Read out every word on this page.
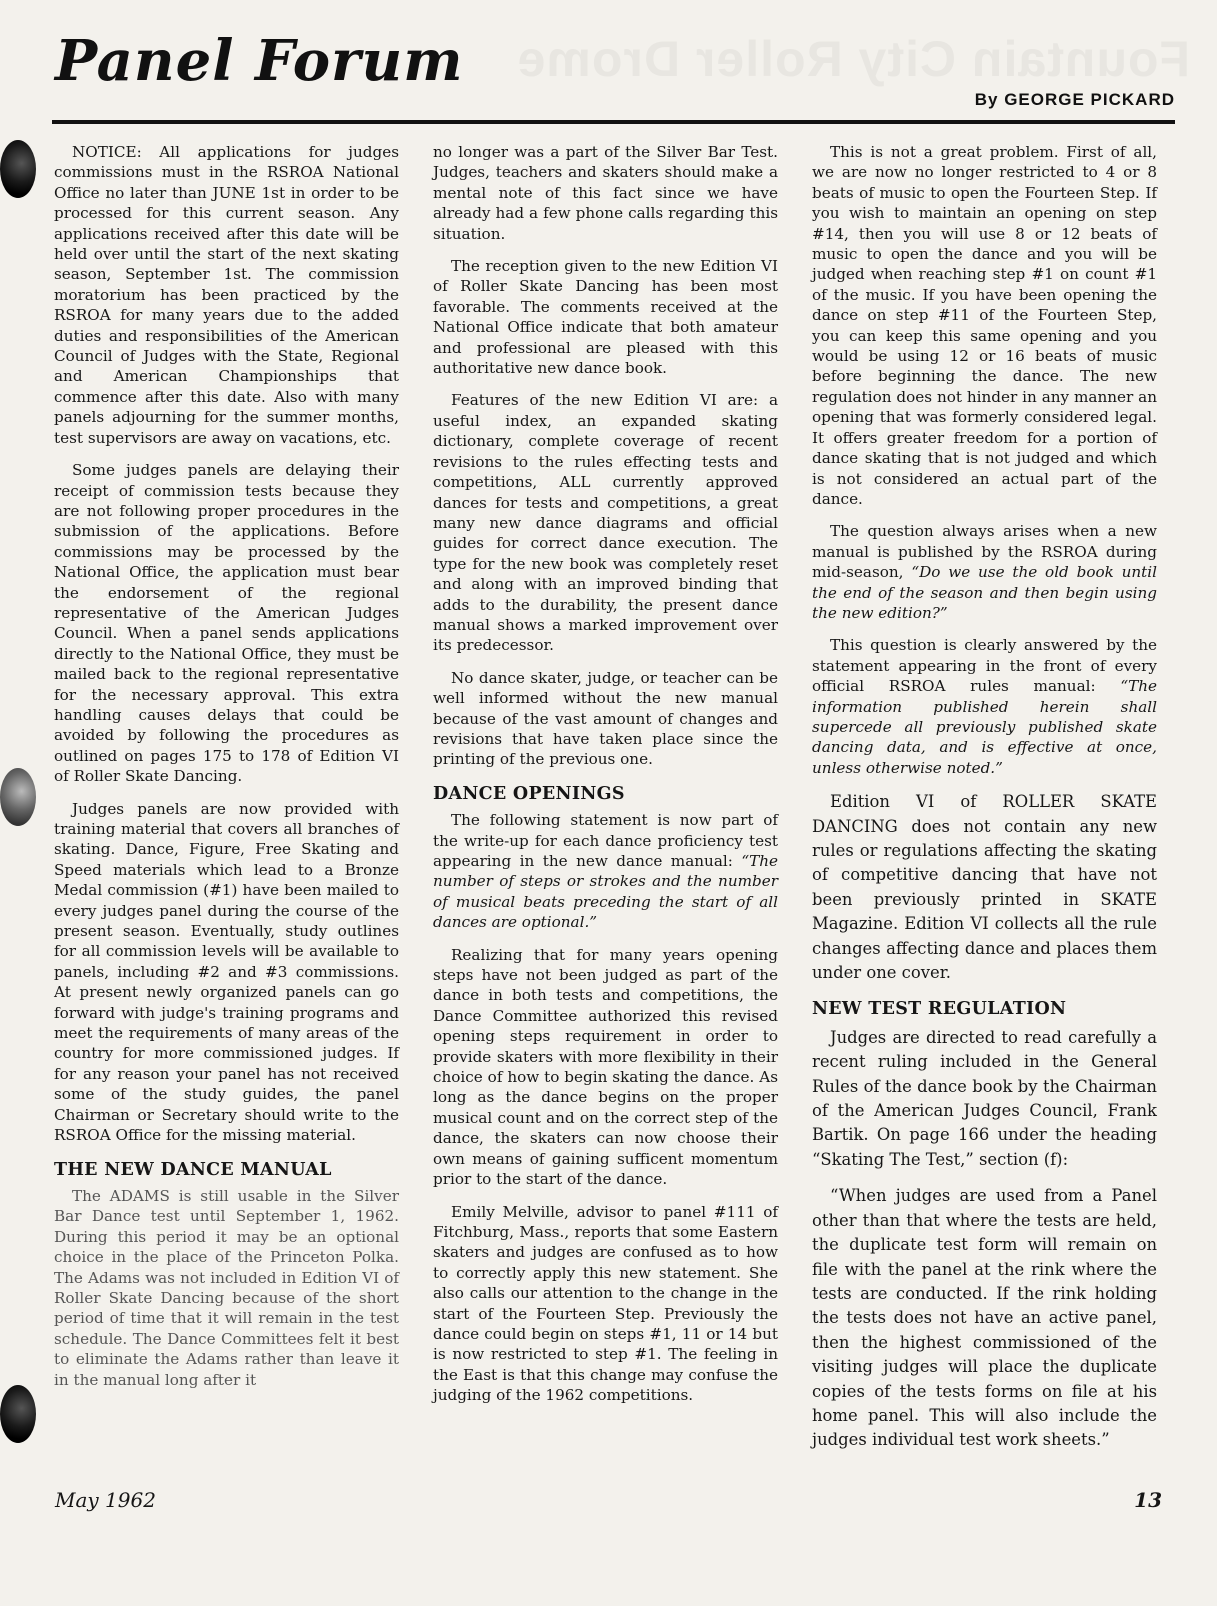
Fountain City Roller Drome
Panel Forum
By GEORGE PICKARD

NOTICE: All applications for judges commissions must in the RSROA National Office no later than JUNE 1st in order to be processed for this current season. Any applications received after this date will be held over until the start of the next skating season, September 1st. The commission moratorium has been practiced by the RSROA for many years due to the added duties and responsibilities of the American Council of Judges with the State, Regional and American Championships that commence after this date. Also with many panels adjourning for the summer months, test supervisors are away on vacations, etc.

Some judges panels are delaying their receipt of commission tests because they are not following proper procedures in the submission of the applications. Before commissions may be processed by the National Office, the application must bear the endorsement of the regional representative of the American Judges Council. When a panel sends applications directly to the National Office, they must be mailed back to the regional representative for the necessary approval. This extra handling causes delays that could be avoided by following the procedures as outlined on pages 175 to 178 of Edition VI of Roller Skate Dancing.

Judges panels are now provided with training material that covers all branches of skating. Dance, Figure, Free Skating and Speed materials which lead to a Bronze Medal commission (#1) have been mailed to every judges panel during the course of the present season. Eventually, study outlines for all commission levels will be available to panels, including #2 and #3 commissions. At present newly organized panels can go forward with judge's training programs and meet the requirements of many areas of the country for more commissioned judges. If for any reason your panel has not received some of the study guides, the panel Chairman or Secretary should write to the RSROA Office for the missing material.

THE NEW DANCE MANUAL

The ADAMS is still usable in the Silver Bar Dance test until September 1, 1962. During this period it may be an optional choice in the place of the Princeton Polka. The Adams was not included in Edition VI of Roller Skate Dancing because of the short period of time that it will remain in the test schedule. The Dance Committees felt it best to eliminate the Adams rather than leave it in the manual long after it

no longer was a part of the Silver Bar Test. Judges, teachers and skaters should make a mental note of this fact since we have already had a few phone calls regarding this situation.

The reception given to the new Edition VI of Roller Skate Dancing has been most favorable. The comments received at the National Office indicate that both amateur and professional are pleased with this authoritative new dance book.

Features of the new Edition VI are: a useful index, an expanded skating dictionary, complete coverage of recent revisions to the rules effecting tests and competitions, ALL currently approved dances for tests and competitions, a great many new dance diagrams and official guides for correct dance execution. The type for the new book was completely reset and along with an improved binding that adds to the durability, the present dance manual shows a marked improvement over its predecessor.

No dance skater, judge, or teacher can be well informed without the new manual because of the vast amount of changes and revisions that have taken place since the printing of the previous one.

DANCE OPENINGS

The following statement is now part of the write-up for each dance proficiency test appearing in the new dance manual: “The number of steps or strokes and the number of musical beats preceding the start of all dances are optional.”

Realizing that for many years opening steps have not been judged as part of the dance in both tests and competitions, the Dance Committee authorized this revised opening steps requirement in order to provide skaters with more flexibility in their choice of how to begin skating the dance. As long as the dance begins on the proper musical count and on the correct step of the dance, the skaters can now choose their own means of gaining sufficent momentum prior to the start of the dance.

Emily Melville, advisor to panel #111 of Fitchburg, Mass., reports that some Eastern skaters and judges are confused as to how to correctly apply this new statement. She also calls our attention to the change in the start of the Fourteen Step. Previously the dance could begin on steps #1, 11 or 14 but is now restricted to step #1. The feeling in the East is that this change may confuse the judging of the 1962 competitions.

This is not a great problem. First of all, we are now no longer restricted to 4 or 8 beats of music to open the Fourteen Step. If you wish to maintain an opening on step #14, then you will use 8 or 12 beats of music to open the dance and you will be judged when reaching step #1 on count #1 of the music. If you have been opening the dance on step #11 of the Fourteen Step, you can keep this same opening and you would be using 12 or 16 beats of music before beginning the dance. The new regulation does not hinder in any manner an opening that was formerly considered legal. It offers greater freedom for a portion of dance skating that is not judged and which is not considered an actual part of the dance.

The question always arises when a new manual is published by the RSROA during mid-season, “Do we use the old book until the end of the season and then begin using the new edition?”

This question is clearly answered by the statement appearing in the front of every official RSROA rules manual: “The information published herein shall supercede all previously published skate dancing data, and is effective at once, unless otherwise noted.”

Edition VI of ROLLER SKATE DANCING does not contain any new rules or regulations affecting the skating of competitive dancing that have not been previously printed in SKATE Magazine. Edition VI collects all the rule changes affecting dance and places them under one cover.

NEW TEST REGULATION

Judges are directed to read carefully a recent ruling included in the General Rules of the dance book by the Chairman of the American Judges Council, Frank Bartik. On page 166 under the heading “Skating The Test,” section (f):

“When judges are used from a Panel other than that where the tests are held, the duplicate test form will remain on file with the panel at the rink where the tests are conducted. If the rink holding the tests does not have an active panel, then the highest commissioned of the visiting judges will place the duplicate copies of the tests forms on file at his home panel. This will also include the judges individual test work sheets.”

May 1962	13
